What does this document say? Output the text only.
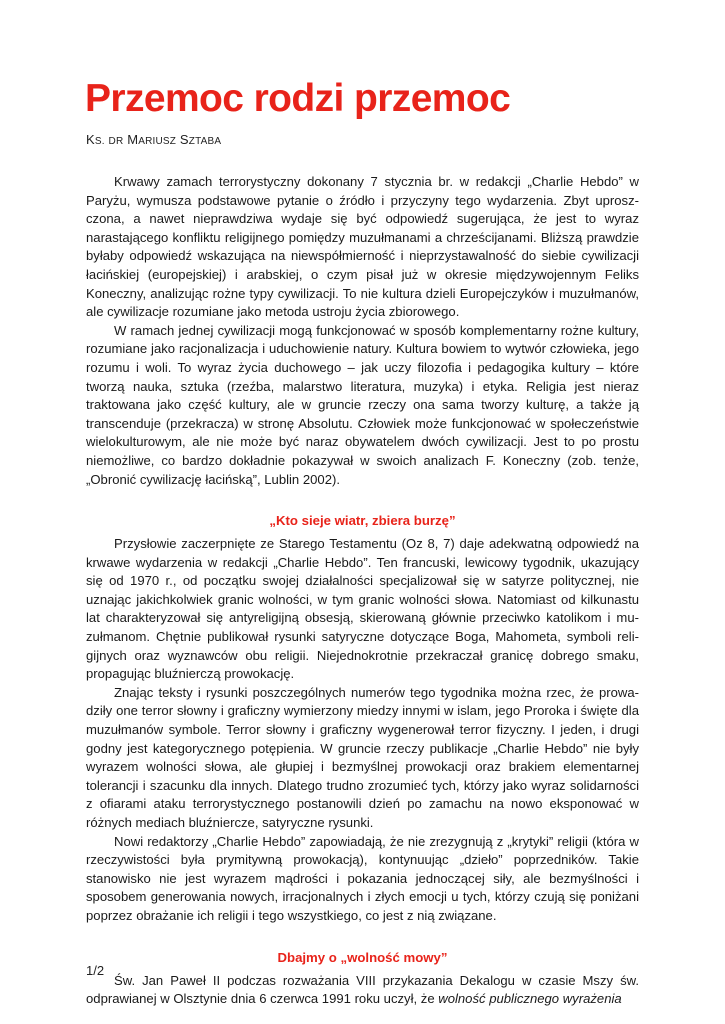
Przemoc rodzi przemoc
KS. DR MARIUSZ SZTABA

Krwawy zamach terrorystyczny dokonany 7 stycznia br. w redakcji „Charlie Hebdo” w Paryżu, wymusza podstawowe pytanie o źródło i przyczyny tego wydarzenia. Zbyt uproszczona, a nawet nieprawdziwa wydaje się być odpowiedź sugerująca, że jest to wyraz narastającego konfliktu religijnego pomiędzy muzułmanami a chrześcijanami. Bliższą prawdzie byłaby odpowiedź wskazująca na niewspółmierność i nieprzystawalność do siebie cywilizacji łacińskiej (europejskiej) i arabskiej, o czym pisał już w okresie międzywojennym Feliks Koneczny, analizując rożne typy cywilizacji. To nie kultura dzieli Europejczyków i muzułmanów, ale cywilizacje rozumiane jako metoda ustroju życia zbiorowego.

W ramach jednej cywilizacji mogą funkcjonować w sposób komplementarny rożne kultury, rozumiane jako racjonalizacja i uduchowienie natury. Kultura bowiem to wytwór człowieka, jego rozumu i woli. To wyraz życia duchowego – jak uczy filozofia i pedagogika kultury – które tworzą nauka, sztuka (rzeźba, malarstwo literatura, muzyka) i etyka. Religia jest nieraz traktowana jako część kultury, ale w gruncie rzeczy ona sama tworzy kulturę, a także ją transcenduje (przekracza) w stronę Absolutu. Człowiek może funkcjonować w społeczeństwie wielokulturowym, ale nie może być naraz obywatelem dwóch cywilizacji. Jest to po prostu niemożliwe, co bardzo dokładnie pokazywał w swoich analizach F. Koneczny (zob. tenże, „Obronić cywilizację łacińską”, Lublin 2002).

„Kto sieje wiatr, zbiera burzę”

Przysłowie zaczerpnięte ze Starego Testamentu (Oz 8, 7) daje adekwatną odpowiedź na krwawe wydarzenia w redakcji „Charlie Hebdo”. Ten francuski, lewicowy tygodnik, ukazujący się od 1970 r., od początku swojej działalności specjalizował się w satyrze politycznej, nie uznając jakichkolwiek granic wolności, w tym granic wolności słowa. Natomiast od kilkunastu lat charakteryzował się antyreligijną obsesją, skierowaną głównie przeciwko katolikom i muzułmanom. Chętnie publikował rysunki satyryczne dotyczące Boga, Mahometa, symboli religijnych oraz wyznawców obu religii. Niejednokrotnie przekraczał granicę dobrego smaku, propagując bluźnierczą prowokację.

Znając teksty i rysunki poszczególnych numerów tego tygodnika można rzec, że prowadziły one terror słowny i graficzny wymierzony miedzy innymi w islam, jego Proroka i święte dla muzułmanów symbole. Terror słowny i graficzny wygenerował terror fizyczny. I jeden, i drugi godny jest kategorycznego potępienia. W gruncie rzeczy publikacje „Charlie Hebdo” nie były wyrazem wolności słowa, ale głupiej i bezmyślnej prowokacji oraz brakiem elementarnej tolerancji i szacunku dla innych. Dlatego trudno zrozumieć tych, którzy jako wyraz solidarności z ofiarami ataku terrorystycznego postanowili dzień po zamachu na nowo eksponować w różnych mediach bluźniercze, satyryczne rysunki.

Nowi redaktorzy „Charlie Hebdo” zapowiadają, że nie zrezygnują z „krytyki” religii (która w rzeczywistości była prymitywną prowokacją), kontynuując „dzieło” poprzedników. Takie stanowisko nie jest wyrazem mądrości i pokazania jednoczącej siły, ale bezmyślności i sposobem generowania nowych, irracjonalnych i złych emocji u tych, którzy czują się poniżani poprzez obrażanie ich religii i tego wszystkiego, co jest z nią związane.

Dbajmy o „wolność mowy”

Św. Jan Paweł II podczas rozważania VIII przykazania Dekalogu w czasie Mszy św. odprawianej w Olsztynie dnia 6 czerwca 1991 roku uczył, że wolność publicznego wyrażenia

1/2
